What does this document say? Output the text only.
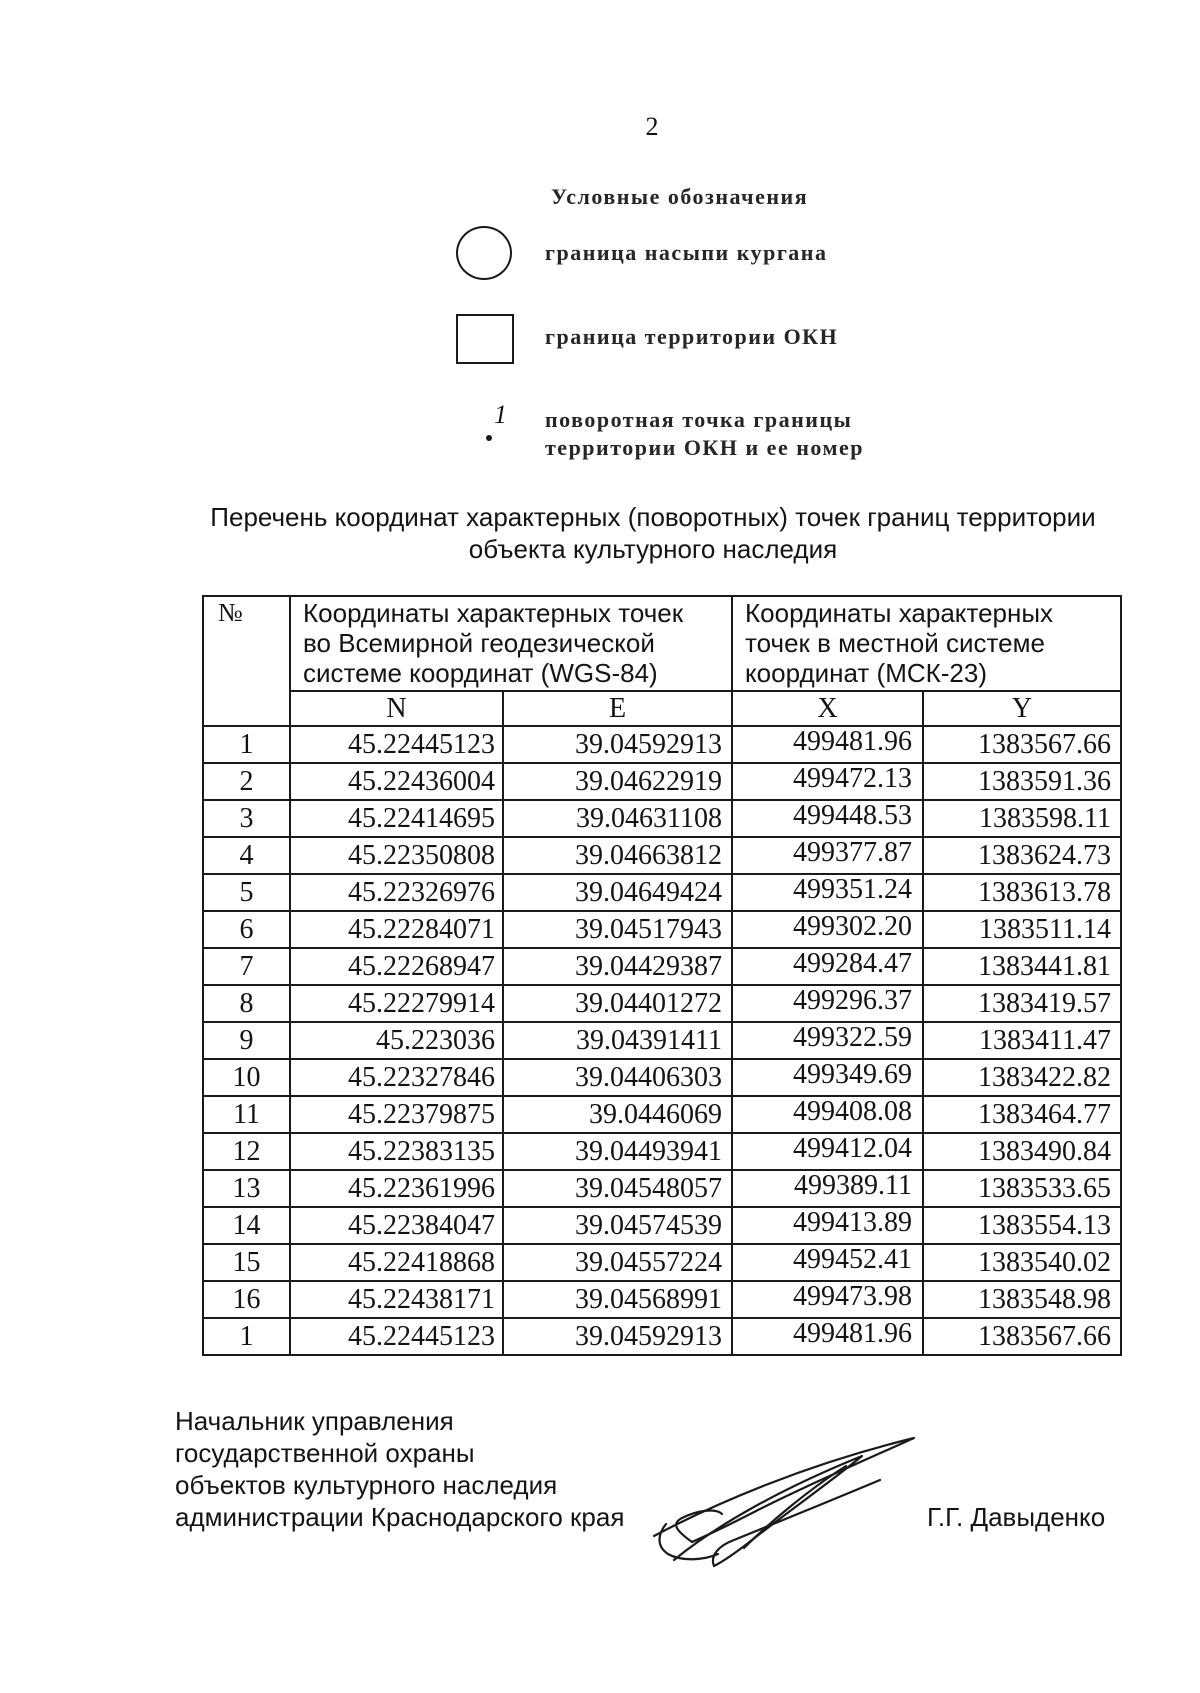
2
Условные обозначения
граница насыпи кургана
граница территории ОКН
1 поворотная точка границы
территории ОКН и ее номер
Перечень координат характерных (поворотных) точек границ территории
объекта культурного наследия
№	Координаты характерных точек
во Всемирной геодезической
системе координат (WGS-84)		Координаты характерных
точек в местной системе
координат (МСК-23)	

	N	E	X	Y
1	45.22445123	39.04592913	499481.96	1383567.66
2	45.22436004	39.04622919	499472.13	1383591.36
3	45.22414695	39.04631108	499448.53	1383598.11
4	45.22350808	39.04663812	499377.87	1383624.73
5	45.22326976	39.04649424	499351.24	1383613.78
6	45.22284071	39.04517943	499302.20	1383511.14
7	45.22268947	39.04429387	499284.47	1383441.81
8	45.22279914	39.04401272	499296.37	1383419.57
9	45.223036	39.04391411	499322.59	1383411.47
10	45.22327846	39.04406303	499349.69	1383422.82
11	45.22379875	39.0446069	499408.08	1383464.77
12	45.22383135	39.04493941	499412.04	1383490.84
13	45.22361996	39.04548057	499389.11	1383533.65
14	45.22384047	39.04574539	499413.89	1383554.13
15	45.22418868	39.04557224	499452.41	1383540.02
16	45.22438171	39.04568991	499473.98	1383548.98
1	45.22445123	39.04592913	499481.96	1383567.66
Начальник управления
государственной охраны
объектов культурного наследия
администрации Краснодарского края	Г.Г. Давыденко
